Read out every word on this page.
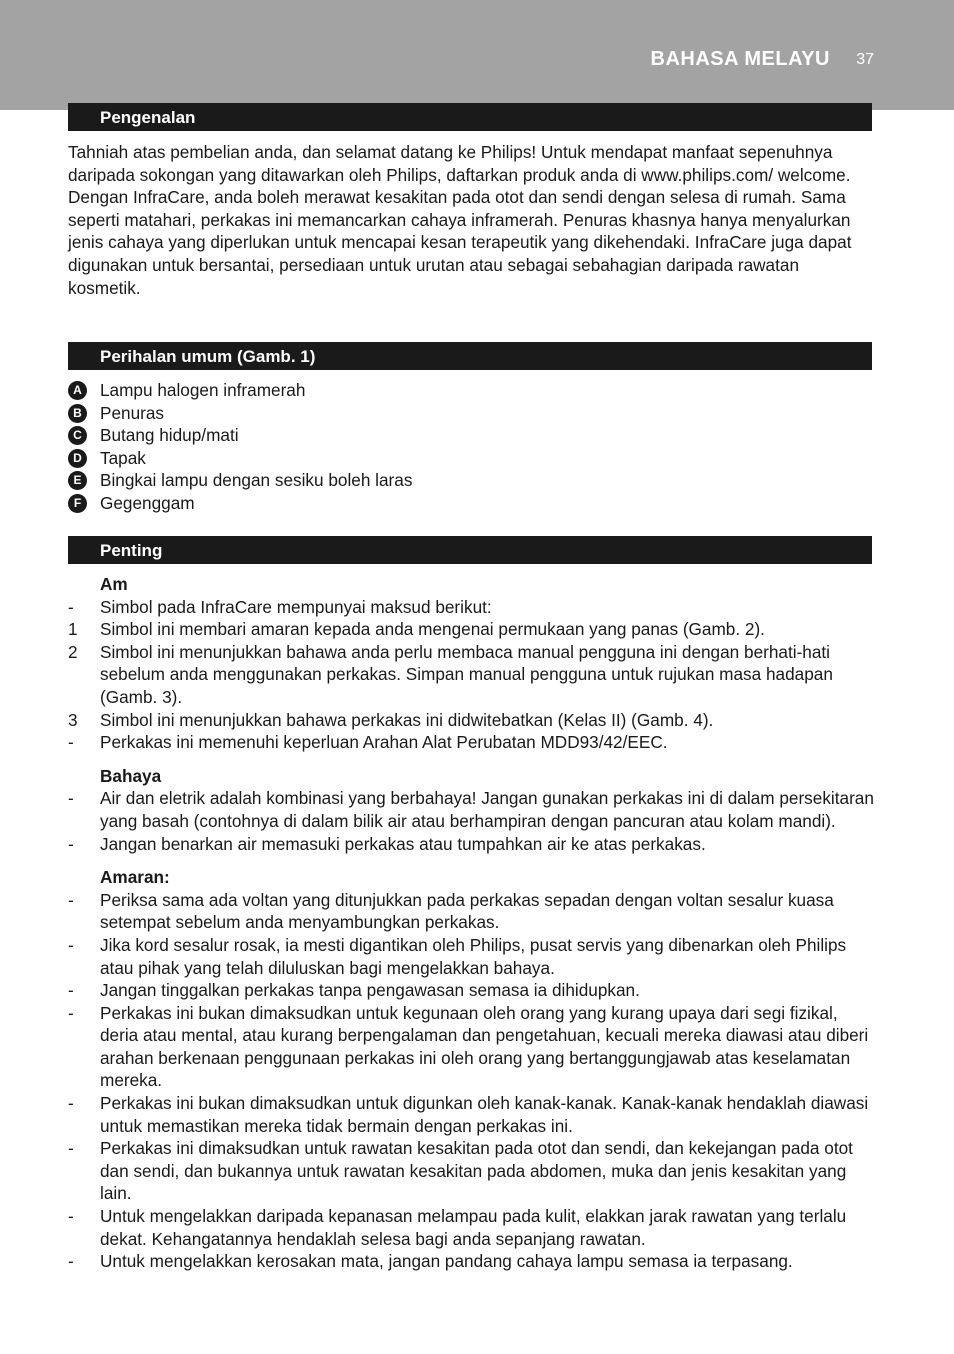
BAHASA MELAYU 37
Pengenalan

Tahniah atas pembelian anda, dan selamat datang ke Philips! Untuk mendapat manfaat sepenuhnya daripada sokongan yang ditawarkan oleh Philips, daftarkan produk anda di www.philips.com/ welcome.

Dengan InfraCare, anda boleh merawat kesakitan pada otot dan sendi dengan selesa di rumah. Sama seperti matahari, perkakas ini memancarkan cahaya inframerah. Penuras khasnya hanya menyalurkan jenis cahaya yang diperlukan untuk mencapai kesan terapeutik yang dikehendaki. InfraCare juga dapat digunakan untuk bersantai, persediaan untuk urutan atau sebagai sebahagian daripada rawatan kosmetik.

Perihalan umum (Gamb. 1)
A	Lampu halogen inframerah
B	Penuras
C	Butang hidup/mati
D	Tapak
E	Bingkai lampu dengan sesiku boleh laras
F	Gegenggam
Penting
Am
-	Simbol pada InfraCare mempunyai maksud berikut:
1	Simbol ini membari amaran kepada anda mengenai permukaan yang panas (Gamb. 2).
2	Simbol ini menunjukkan bahawa anda perlu membaca manual pengguna ini dengan berhati-hati sebelum anda menggunakan perkakas. Simpan manual pengguna untuk rujukan masa hadapan (Gamb. 3).
3	Simbol ini menunjukkan bahawa perkakas ini didwitebatkan (Kelas II) (Gamb. 4).
-	Perkakas ini memenuhi keperluan Arahan Alat Perubatan MDD93/42/EEC.
Bahaya
-	Air dan eletrik adalah kombinasi yang berbahaya! Jangan gunakan perkakas ini di dalam persekitaran yang basah (contohnya di dalam bilik air atau berhampiran dengan pancuran atau kolam mandi).
-	Jangan benarkan air memasuki perkakas atau tumpahkan air ke atas perkakas.
Amaran:
-	Periksa sama ada voltan yang ditunjukkan pada perkakas sepadan dengan voltan sesalur kuasa setempat sebelum anda menyambungkan perkakas.
-	Jika kord sesalur rosak, ia mesti digantikan oleh Philips, pusat servis yang dibenarkan oleh Philips atau pihak yang telah diluluskan bagi mengelakkan bahaya.
-	Jangan tinggalkan perkakas tanpa pengawasan semasa ia dihidupkan.
-	Perkakas ini bukan dimaksudkan untuk kegunaan oleh orang yang kurang upaya dari segi fizikal, deria atau mental, atau kurang berpengalaman dan pengetahuan, kecuali mereka diawasi atau diberi arahan berkenaan penggunaan perkakas ini oleh orang yang bertanggungjawab atas keselamatan mereka.
-	Perkakas ini bukan dimaksudkan untuk digunkan oleh kanak-kanak. Kanak-kanak hendaklah diawasi untuk memastikan mereka tidak bermain dengan perkakas ini.
-	Perkakas ini dimaksudkan untuk rawatan kesakitan pada otot dan sendi, dan kekejangan pada otot dan sendi, dan bukannya untuk rawatan kesakitan pada abdomen, muka dan jenis kesakitan yang lain.
-	Untuk mengelakkan daripada kepanasan melampau pada kulit, elakkan jarak rawatan yang terlalu dekat. Kehangatannya hendaklah selesa bagi anda sepanjang rawatan.
-	Untuk mengelakkan kerosakan mata, jangan pandang cahaya lampu semasa ia terpasang.
